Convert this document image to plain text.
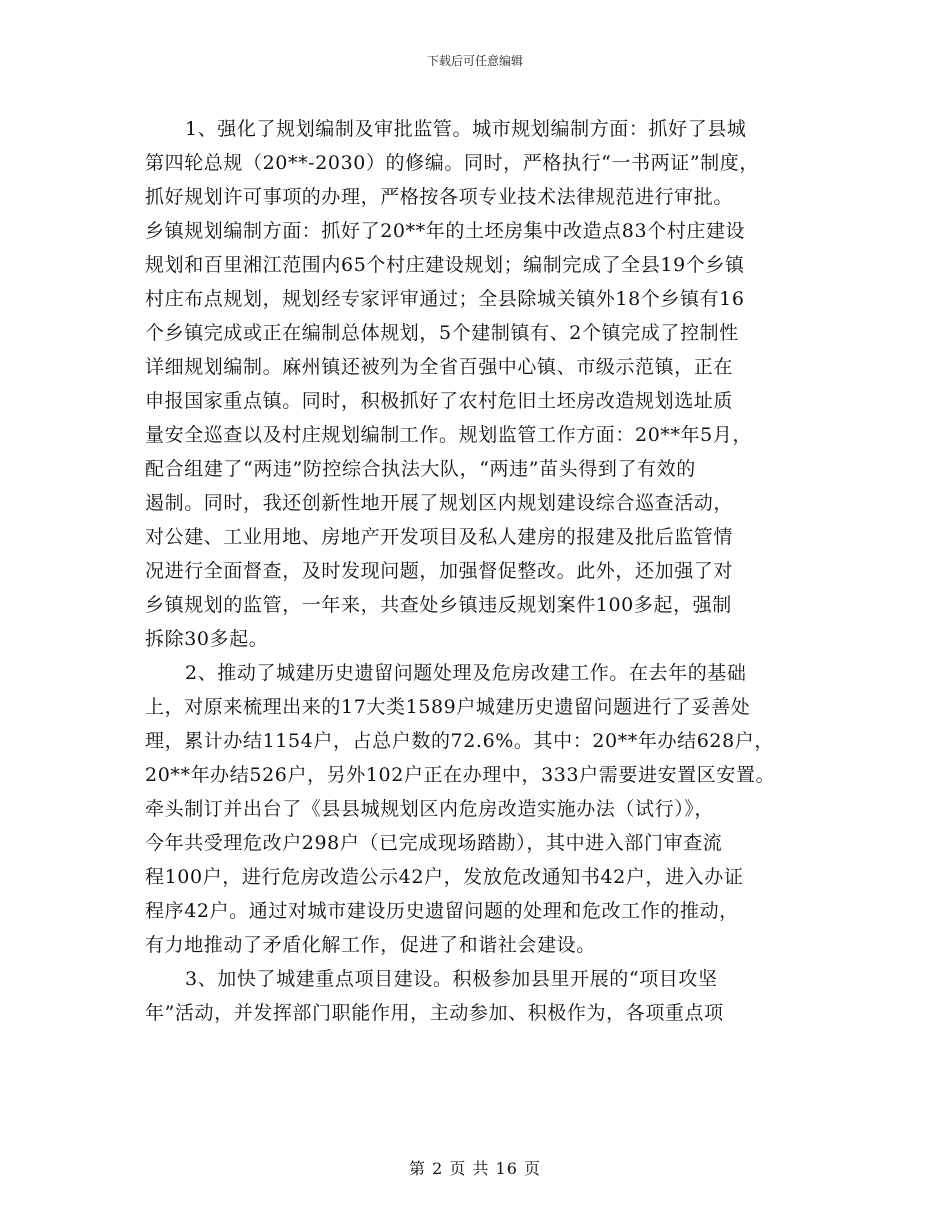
下载后可任意编辑
1、强化了规划编制及审批监管。城市规划编制方面：抓好了县城
第四轮总规（20**-2030）的修编。同时，严格执行“一书两证”制度，
抓好规划许可事项的办理，严格按各项专业技术法律规范进行审批。
乡镇规划编制方面：抓好了20**年的土坯房集中改造点83个村庄建设
规划和百里湘江范围内65个村庄建设规划；编制完成了全县19个乡镇
村庄布点规划，规划经专家评审通过；全县除城关镇外18个乡镇有16
个乡镇完成或正在编制总体规划，5个建制镇有、2个镇完成了控制性
详细规划编制。麻州镇还被列为全省百强中心镇、市级示范镇，正在
申报国家重点镇。同时，积极抓好了农村危旧土坯房改造规划选址质
量安全巡查以及村庄规划编制工作。规划监管工作方面：20**年5月，
配合组建了“两违”防控综合执法大队，“两违”苗头得到了有效的
遏制。同时，我还创新性地开展了规划区内规划建设综合巡查活动，
对公建、工业用地、房地产开发项目及私人建房的报建及批后监管情
况进行全面督查，及时发现问题，加强督促整改。此外，还加强了对
乡镇规划的监管，一年来，共查处乡镇违反规划案件100多起，强制
拆除30多起。
2、推动了城建历史遗留问题处理及危房改建工作。在去年的基础
上，对原来梳理出来的17大类1589户城建历史遗留问题进行了妥善处
理，累计办结1154户，占总户数的72.6%。其中：20**年办结628户，
20**年办结526户，另外102户正在办理中，333户需要进安置区安置。
牵头制订并出台了《县县城规划区内危房改造实施办法（试行）》，
今年共受理危改户298户（已完成现场踏勘），其中进入部门审查流
程100户，进行危房改造公示42户，发放危改通知书42户，进入办证
程序42户。通过对城市建设历史遗留问题的处理和危改工作的推动，
有力地推动了矛盾化解工作，促进了和谐社会建设。
3、加快了城建重点项目建设。积极参加县里开展的“项目攻坚
年”活动，并发挥部门职能作用，主动参加、积极作为，各项重点项
第 2 页 共 16 页
